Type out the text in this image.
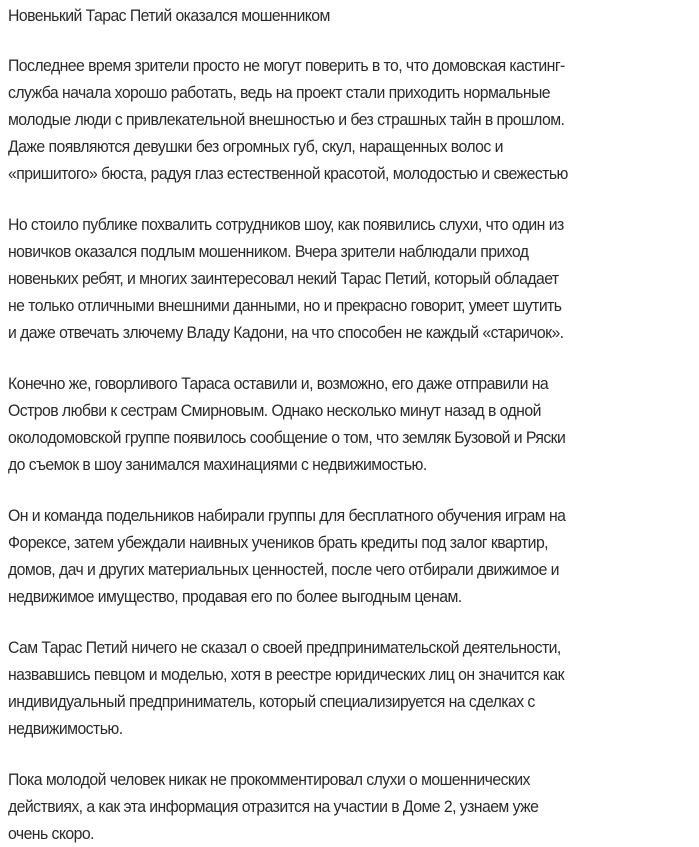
Новенький Тарас Петий оказался мошенником

Последнее время зрители просто не могут поверить в то, что домовская кастинг-
служба начала хорошо работать, ведь на проект стали приходить нормальные
молодые люди с привлекательной внешностью и без страшных тайн в прошлом.
Даже появляются девушки без огромных губ, скул, наращенных волос и
«пришитого» бюста, радуя глаз естественной красотой, молодостью и свежестью

Но стоило публике похвалить сотрудников шоу, как появились слухи, что один из
новичков оказался подлым мошенником. Вчера зрители наблюдали приход
новеньких ребят, и многих заинтересовал некий Тарас Петий, который обладает
не только отличными внешними данными, но и прекрасно говорит, умеет шутить
и даже отвечать злючему Владу Кадони, на что способен не каждый «старичок».

Конечно же, говорливого Тараса оставили и, возможно, его даже отправили на
Остров любви к сестрам Смирновым. Однако несколько минут назад в одной
околодомовской группе появилось сообщение о том, что земляк Бузовой и Ряски
до съемок в шоу занимался махинациями с недвижимостью.

Он и команда подельников набирали группы для бесплатного обучения играм на
Форексе, затем убеждали наивных учеников брать кредиты под залог квартир,
домов, дач и других материальных ценностей, после чего отбирали движимое и
недвижимое имущество, продавая его по более выгодным ценам.

Сам Тарас Петий ничего не сказал о своей предпринимательской деятельности,
назвавшись певцом и моделью, хотя в реестре юридических лиц он значится как
индивидуальный предприниматель, который специализируется на сделках с
недвижимостью.

Пока молодой человек никак не прокомментировал слухи о мошеннических
действиях, а как эта информация отразится на участии в Доме 2, узнаем уже
очень скоро.
